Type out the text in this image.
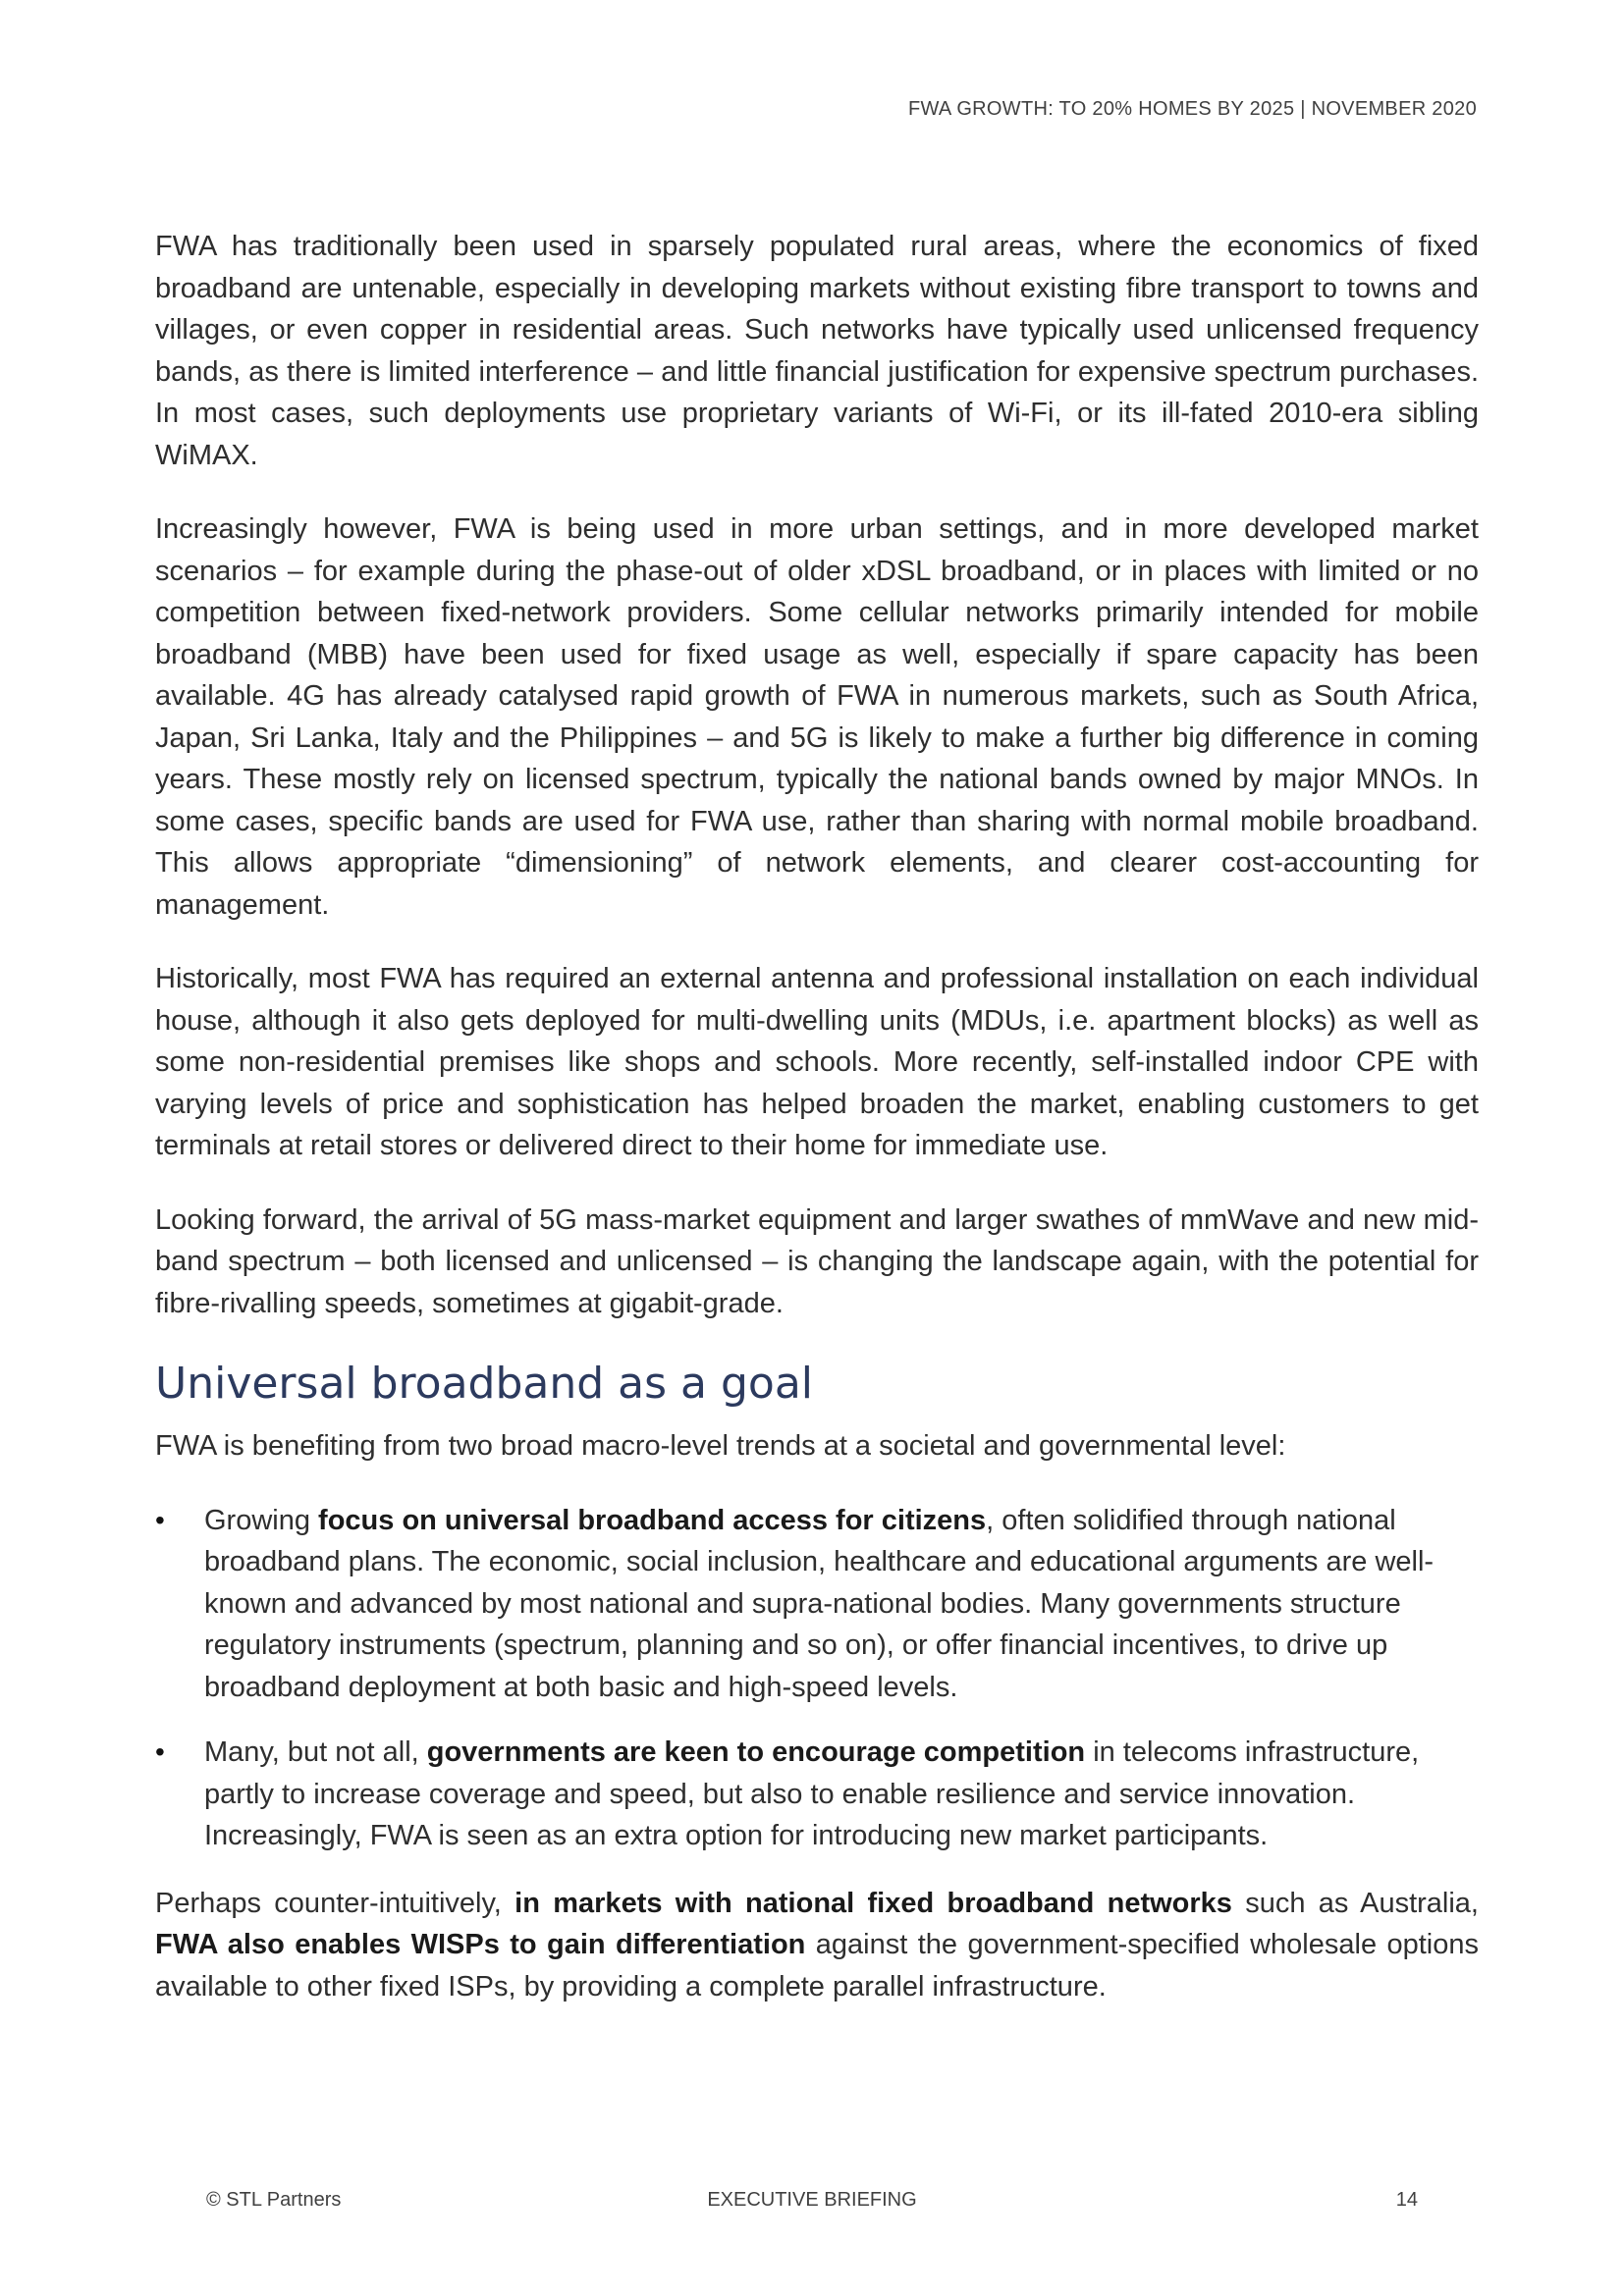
FWA GROWTH: TO 20% HOMES BY 2025 | NOVEMBER 2020

FWA has traditionally been used in sparsely populated rural areas, where the economics of fixed broadband are untenable, especially in developing markets without existing fibre transport to towns and villages, or even copper in residential areas. Such networks have typically used unlicensed frequency bands, as there is limited interference – and little financial justification for expensive spectrum purchases. In most cases, such deployments use proprietary variants of Wi-Fi, or its ill-fated 2010-era sibling WiMAX.

Increasingly however, FWA is being used in more urban settings, and in more developed market scenarios – for example during the phase-out of older xDSL broadband, or in places with limited or no competition between fixed-network providers. Some cellular networks primarily intended for mobile broadband (MBB) have been used for fixed usage as well, especially if spare capacity has been available. 4G has already catalysed rapid growth of FWA in numerous markets, such as South Africa, Japan, Sri Lanka, Italy and the Philippines – and 5G is likely to make a further big difference in coming years. These mostly rely on licensed spectrum, typically the national bands owned by major MNOs. In some cases, specific bands are used for FWA use, rather than sharing with normal mobile broadband. This allows appropriate “dimensioning” of network elements, and clearer cost-accounting for management.

Historically, most FWA has required an external antenna and professional installation on each individual house, although it also gets deployed for multi-dwelling units (MDUs, i.e. apartment blocks) as well as some non-residential premises like shops and schools. More recently, self-installed indoor CPE with varying levels of price and sophistication has helped broaden the market, enabling customers to get terminals at retail stores or delivered direct to their home for immediate use.

Looking forward, the arrival of 5G mass-market equipment and larger swathes of mmWave and new mid-band spectrum – both licensed and unlicensed – is changing the landscape again, with the potential for fibre-rivalling speeds, sometimes at gigabit-grade.

Universal broadband as a goal

FWA is benefiting from two broad macro-level trends at a societal and governmental level:

• Growing focus on universal broadband access for citizens, often solidified through national broadband plans. The economic, social inclusion, healthcare and educational arguments are well-known and advanced by most national and supra-national bodies. Many governments structure regulatory instruments (spectrum, planning and so on), or offer financial incentives, to drive up broadband deployment at both basic and high-speed levels.
• Many, but not all, governments are keen to encourage competition in telecoms infrastructure, partly to increase coverage and speed, but also to enable resilience and service innovation. Increasingly, FWA is seen as an extra option for introducing new market participants.

Perhaps counter-intuitively, in markets with national fixed broadband networks such as Australia, FWA also enables WISPs to gain differentiation against the government-specified wholesale options available to other fixed ISPs, by providing a complete parallel infrastructure.

© STL Partners	EXECUTIVE BRIEFING	14
